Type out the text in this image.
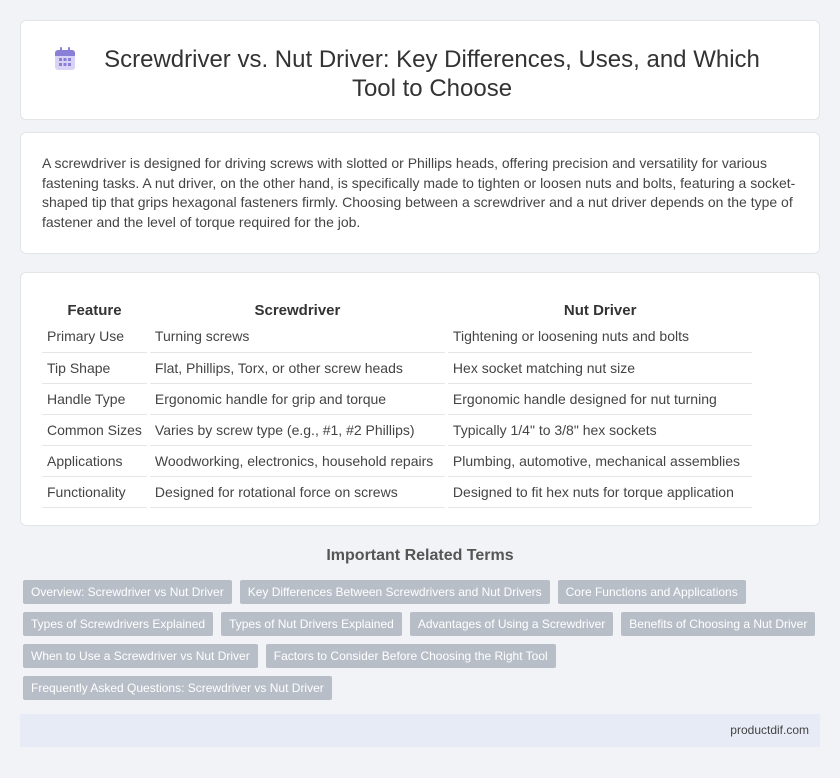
Screwdriver vs. Nut Driver: Key Differences, Uses, and Which Tool to Choose

A screwdriver is designed for driving screws with slotted or Phillips heads, offering precision and versatility for various fastening tasks. A nut driver, on the other hand, is specifically made to tighten or loosen nuts and bolts, featuring a socket-shaped tip that grips hexagonal fasteners firmly. Choosing between a screwdriver and a nut driver depends on the type of fastener and the level of torque required for the job.

Feature	Screwdriver	Nut Driver
Primary Use	Turning screws	Tightening or loosening nuts and bolts
Tip Shape	Flat, Phillips, Torx, or other screw heads	Hex socket matching nut size
Handle Type	Ergonomic handle for grip and torque	Ergonomic handle designed for nut turning
Common Sizes	Varies by screw type (e.g., #1, #2 Phillips)	Typically 1/4" to 3/8" hex sockets
Applications	Woodworking, electronics, household repairs	Plumbing, automotive, mechanical assemblies
Functionality	Designed for rotational force on screws	Designed to fit hex nuts for torque application
Important Related Terms
Overview: Screwdriver vs Nut Driver	Key Differences Between Screwdrivers and Nut Drivers	Core Functions and Applications
Types of Screwdrivers Explained	Types of Nut Drivers Explained	Advantages of Using a Screwdriver	Benefits of Choosing a Nut Driver
When to Use a Screwdriver vs Nut Driver	Factors to Consider Before Choosing the Right Tool
Frequently Asked Questions: Screwdriver vs Nut Driver
productdif.com
